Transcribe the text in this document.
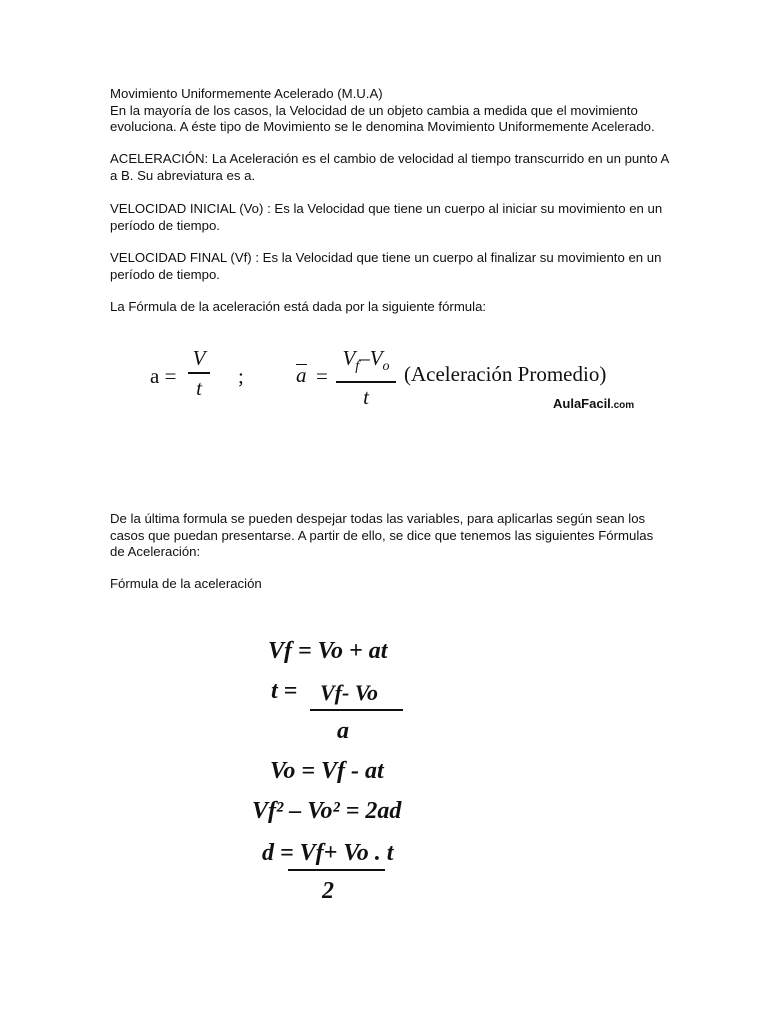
Movimiento Uniformemente Acelerado (M.U.A)

En la mayoría de los casos, la Velocidad de un objeto cambia a medida que el movimiento evoluciona. A éste tipo de Movimiento se le denomina Movimiento Uniformemente Acelerado.

ACELERACIÓN: La Aceleración es el cambio de velocidad al tiempo transcurrido en un punto A a B. Su abreviatura es a.

VELOCIDAD INICIAL (Vo) : Es la Velocidad que tiene un cuerpo al iniciar su movimiento en un período de tiempo.

VELOCIDAD FINAL (Vf) : Es la Velocidad que tiene un cuerpo al finalizar su movimiento en un período de tiempo.

La Fórmula de la aceleración está dada por la siguiente fórmula:

a =
V
t ; a =
$V_f-V_o$
t
(Aceleración Promedio)
AulaFacil.com

De la última formula se pueden despejar todas las variables, para aplicarlas según sean los casos que puedan presentarse. A partir de ello, se dice que tenemos las siguientes Fórmulas de Aceleración:

Fórmula de la aceleración

Vf = Vo + at
t = Vf- Vo
a
Vo = Vf - at
Vf² – Vo² = 2ad
d = Vf+ Vo . t
2
